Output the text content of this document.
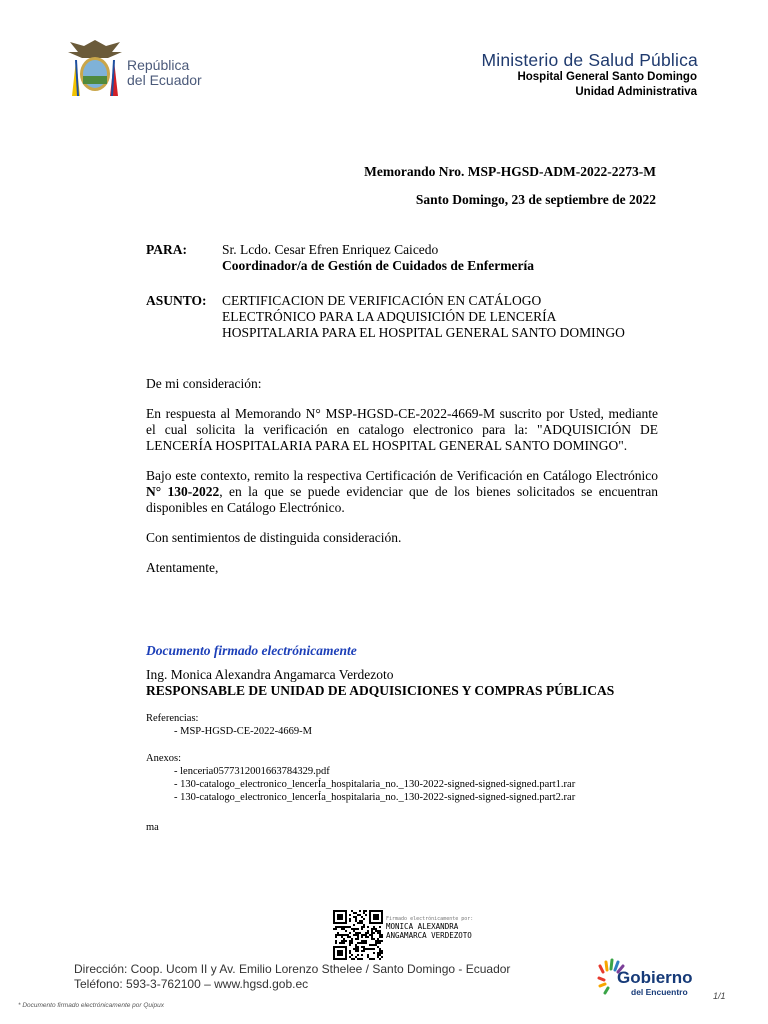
República
del Ecuador
Ministerio de Salud Pública
Hospital General Santo Domingo
Unidad Administrativa
Memorando Nro. MSP-HGSD-ADM-2022-2273-M
Santo Domingo, 23 de septiembre de 2022
PARA:	Sr. Lcdo. Cesar Efren Enriquez Caicedo
Coordinador/a de Gestión de Cuidados de Enfermería
ASUNTO:	CERTIFICACION DE VERIFICACIÓN EN CATÁLOGO
ELECTRÓNICO PARA LA ADQUISICIÓN DE LENCERÍA
HOSPITALARIA PARA EL HOSPITAL GENERAL SANTO DOMINGO

De mi consideración:

En respuesta al Memorando N° MSP-HGSD-CE-2022-4669-M suscrito por Usted, mediante el cual solicita la verificación en catalogo electronico para la: "ADQUISICIÓN DE LENCERÍA HOSPITALARIA PARA EL HOSPITAL GENERAL SANTO DOMINGO".

Bajo este contexto, remito la respectiva Certificación de Verificación en Catálogo Electrónico N° 130-2022, en la que se puede evidenciar que de los bienes solicitados se encuentran disponibles en Catálogo Electrónico.

Con sentimientos de distinguida consideración.

Atentamente,

Documento firmado electrónicamente
Ing. Monica Alexandra Angamarca Verdezoto
RESPONSABLE DE UNIDAD DE ADQUISICIONES Y COMPRAS PÚBLICAS
Referencias:
- MSP-HGSD-CE-2022-4669-M
Anexos:
- lenceria0577312001663784329.pdf
- 130-catalogo_electronico_lencerÍa_hospitalaria_no._130-2022-signed-signed-signed.part1.rar
- 130-catalogo_electronico_lencerÍa_hospitalaria_no._130-2022-signed-signed-signed.part2.rar
ma
Firmado electrónicamente por:
MONICA ALEXANDRA
ANGAMARCA VERDEZOTO
Dirección: Coop. Ucom II y Av. Emilio Lorenzo Sthelee / Santo Domingo - Ecuador
Teléfono: 593-3-762100 – www.hgsd.gob.ec	Gobierno
del Encuentro	1/1
* Documento firmado electrónicamente por Quipux
